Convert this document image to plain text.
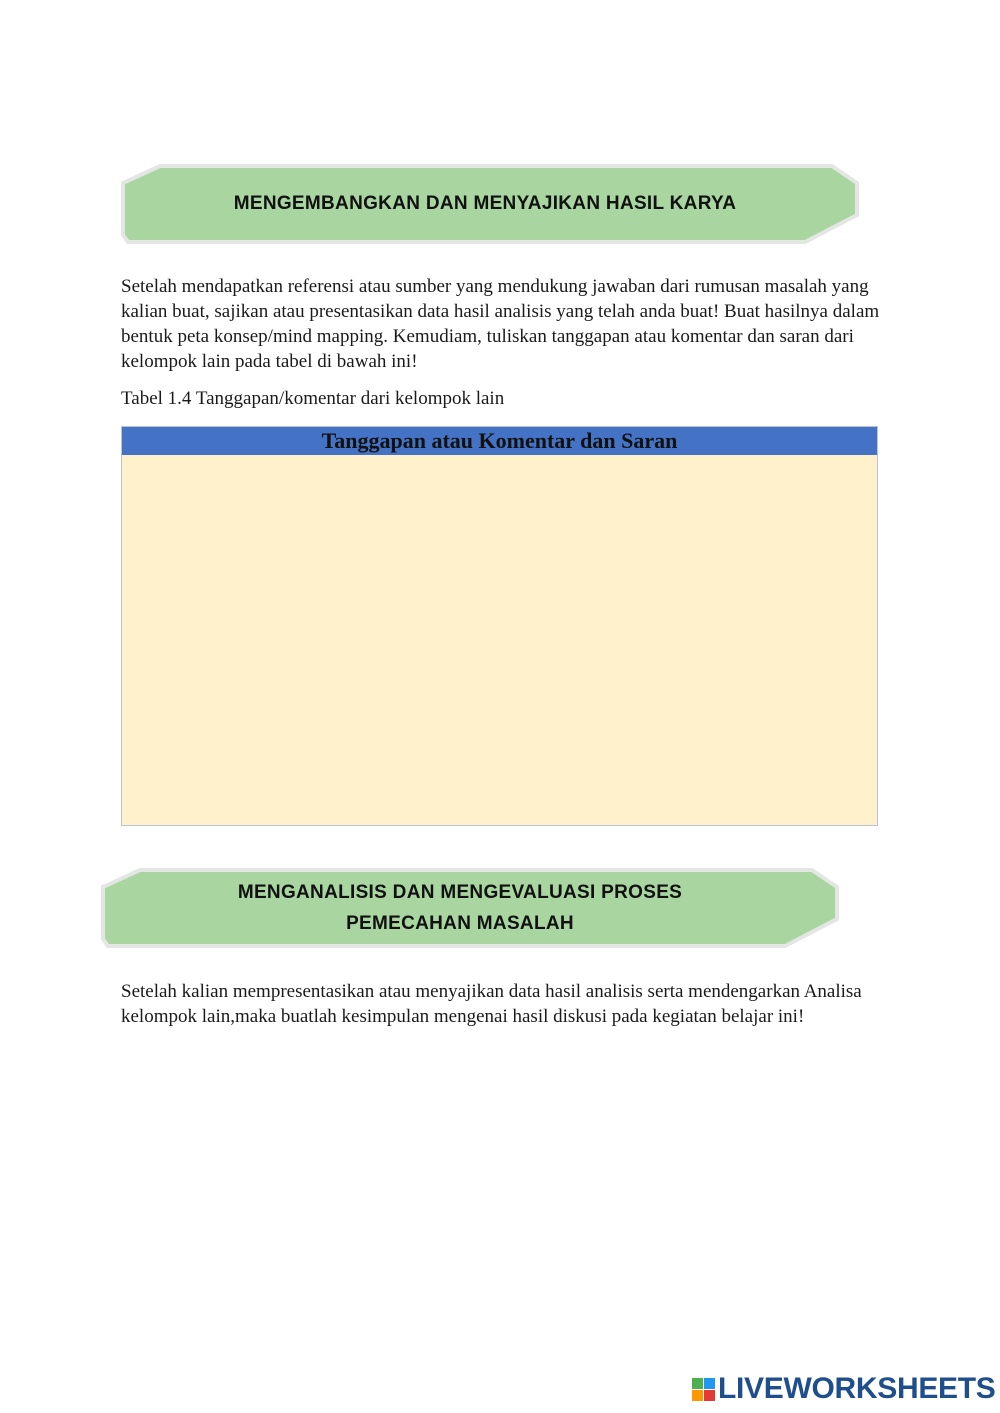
MENGEMBANGKAN DAN MENYAJIKAN HASIL KARYA

Setelah mendapatkan referensi atau sumber yang mendukung jawaban dari rumusan masalah yang kalian buat, sajikan atau presentasikan data hasil analisis yang telah anda buat! Buat hasilnya dalam bentuk peta konsep/mind mapping. Kemudiam, tuliskan tanggapan atau komentar dan saran dari kelompok lain pada tabel di bawah ini!

Tabel 1.4 Tanggapan/komentar dari kelompok lain

Tanggapan atau Komentar dan Saran
MENGANALISIS DAN MENGEVALUASI PROSES
PEMECAHAN MASALAH

Setelah kalian mempresentasikan atau menyajikan data hasil analisis serta mendengarkan Analisa kelompok lain,maka buatlah kesimpulan mengenai hasil diskusi pada kegiatan belajar ini!

LIVEWORKSHEETS
